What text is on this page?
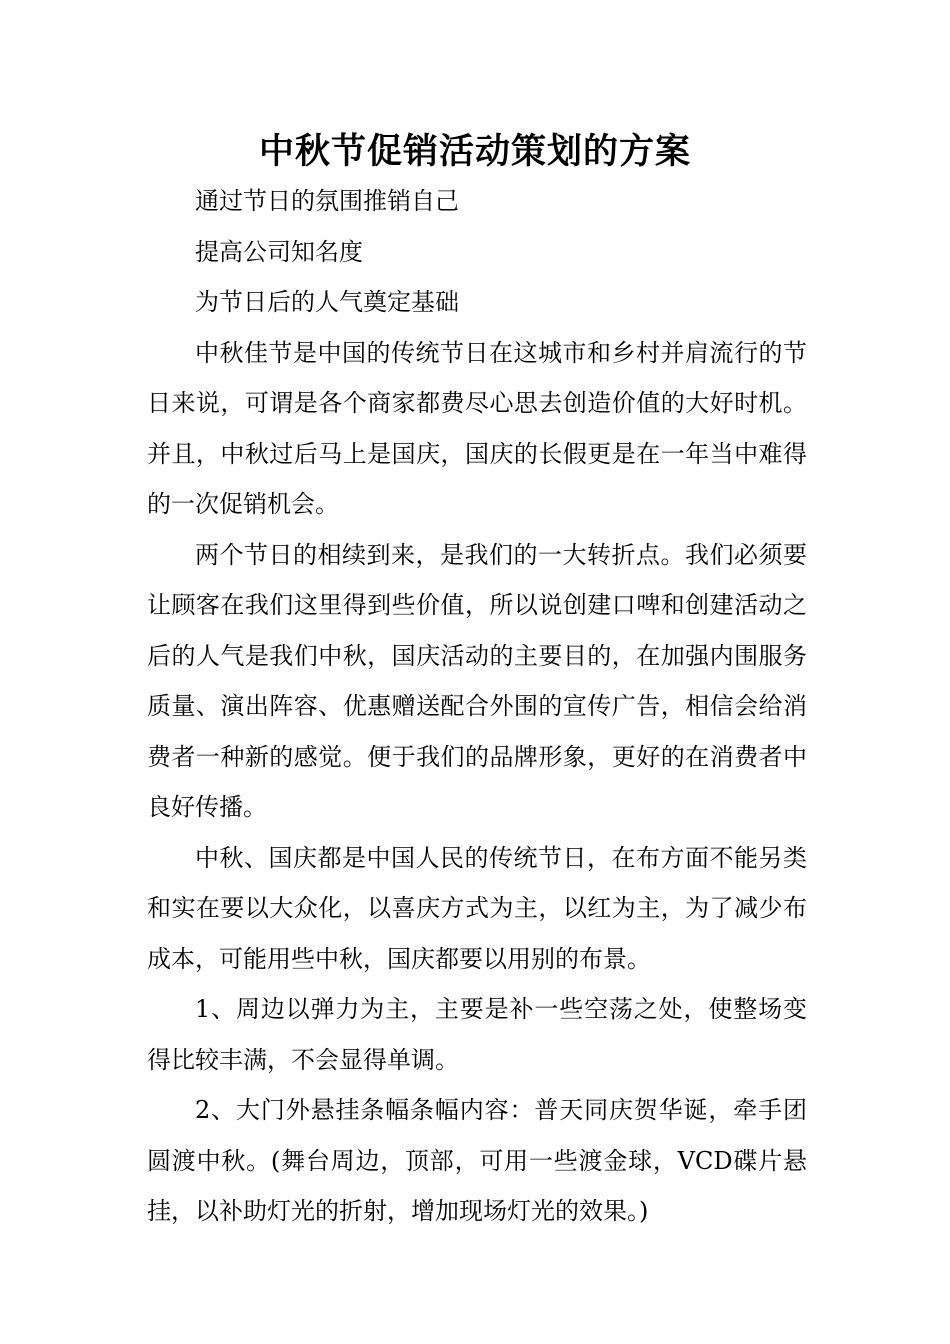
中秋节促销活动策划的方案

通过节日的氛围推销自己

提高公司知名度

为节日后的人气奠定基础

中秋佳节是中国的传统节日在这城市和乡村并肩流行的节日来说，可谓是各个商家都费尽心思去创造价值的大好时机。并且，中秋过后马上是国庆，国庆的长假更是在一年当中难得的一次促销机会。

两个节日的相续到来，是我们的一大转折点。我们必须要让顾客在我们这里得到些价值，所以说创建口啤和创建活动之后的人气是我们中秋，国庆活动的主要目的，在加强内围服务质量、演出阵容、优惠赠送配合外围的宣传广告，相信会给消费者一种新的感觉。便于我们的品牌形象，更好的在消费者中良好传播。

中秋、国庆都是中国人民的传统节日，在布方面不能另类和实在要以大众化，以喜庆方式为主，以红为主，为了减少布成本，可能用些中秋，国庆都要以用别的布景。

1、周边以弹力为主，主要是补一些空荡之处，使整场变得比较丰满，不会显得单调。

2、大门外悬挂条幅条幅内容：普天同庆贺华诞，牵手团圆渡中秋。(舞台周边，顶部，可用一些渡金球，VCD碟片悬挂，以补助灯光的折射，增加现场灯光的效果。)
